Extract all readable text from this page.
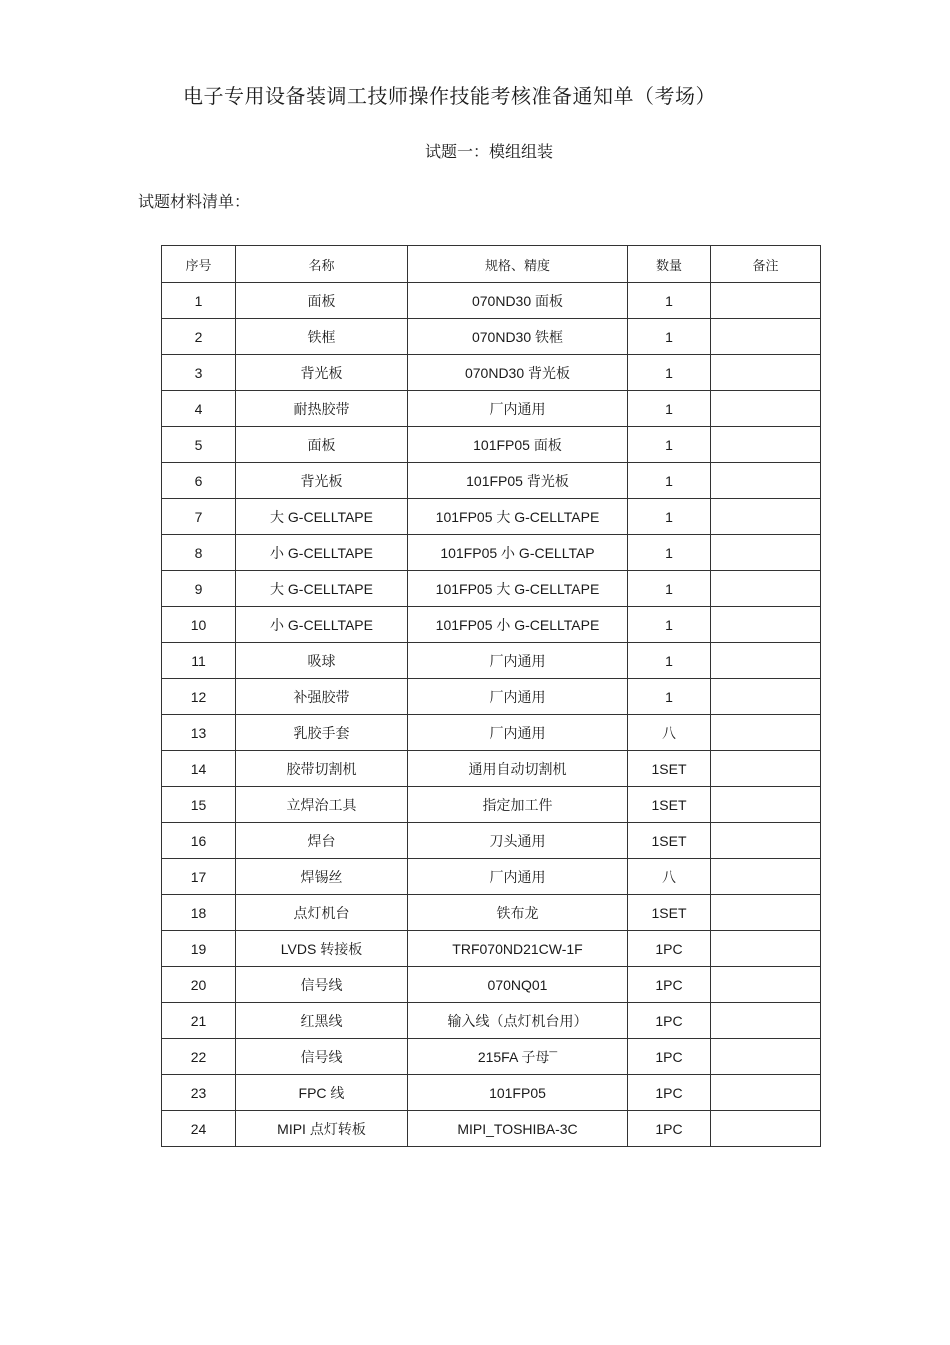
电子专用设备装调工技师操作技能考核准备通知单（考场）
试题一：模组组装
试题材料清单：
序号	名称	规格、精度	数量	备注
1	面板	070ND30 面板	1	
2	铁框	070ND30 铁框	1	
3	背光板	070ND30 背光板	1	
4	耐热胶带	厂内通用	1	
5	面板	101FP05 面板	1	
6	背光板	101FP05 背光板	1	
7	大 G-CELLTAPE	101FP05 大 G-CELLTAPE	1	
8	小 G-CELLTAPE	101FP05 小 G-CELLTAP	1	
9	大 G-CELLTAPE	101FP05 大 G-CELLTAPE	1	
10	小 G-CELLTAPE	101FP05 小 G-CELLTAPE	1	
11	吸球	厂内通用	1	
12	补强胶带	厂内通用	1	
13	乳胶手套	厂内通用	八	
14	胶带切割机	通用自动切割机	1SET	
15	立焊治工具	指定加工件	1SET	
16	焊台	刀头通用	1SET	
17	焊锡丝	厂内通用	八	
18	点灯机台	铁布龙	1SET	
19	LVDS 转接板	TRF070ND21CW-1F	1PC	
20	信号线	070NQ01	1PC	
21	红黑线	输入线（点灯机台用）	1PC	
22	信号线	215FA 子母¯	1PC	
23	FPC 线	101FP05	1PC	
24	MIPI 点灯转板	MIPI_TOSHIBA-3C	1PC	
